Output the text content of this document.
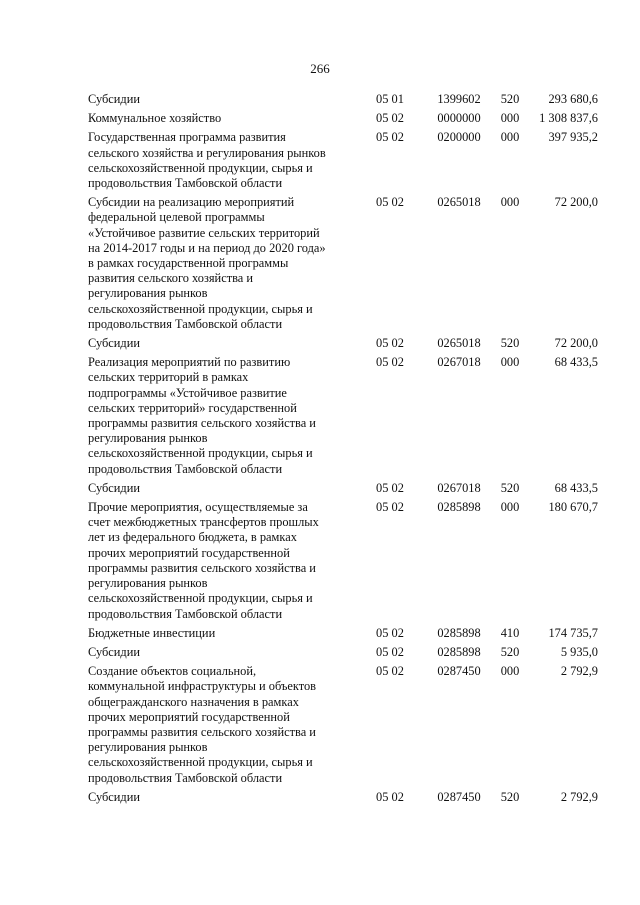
266
Субсидии	05 01	1399602	520	293 680,6
Коммунальное хозяйство	05 02	0000000	000	1 308 837,6
Государственная программа развития
сельского хозяйства и регулирования рынков
сельскохозяйственной продукции, сырья и
продовольствия Тамбовской области
05 02	0200000	000	397 935,2
Субсидии на реализацию мероприятий
федеральной целевой программы
«Устойчивое развитие сельских территорий
на 2014-2017 годы и на период до 2020 года»
в рамках государственной программы
развития сельского хозяйства и
регулирования рынков
сельскохозяйственной продукции, сырья и
продовольствия Тамбовской области
05 02	0265018	000	72 200,0
Субсидии	05 02	0265018	520	72 200,0
Реализация мероприятий по развитию
сельских территорий в рамках
подпрограммы «Устойчивое развитие
сельских территорий» государственной
программы развития сельского хозяйства и
регулирования рынков
сельскохозяйственной продукции, сырья и
продовольствия Тамбовской области
05 02	0267018	000	68 433,5
Субсидии	05 02	0267018	520	68 433,5
Прочие мероприятия, осуществляемые за
счет межбюджетных трансфертов прошлых
лет из федерального бюджета, в рамках
прочих мероприятий государственной
программы развития сельского хозяйства и
регулирования рынков
сельскохозяйственной продукции, сырья и
продовольствия Тамбовской области
05 02	0285898	000	180 670,7
Бюджетные инвестиции	05 02	0285898	410	174 735,7
Субсидии	05 02	0285898	520	5 935,0
Создание объектов социальной,
коммунальной инфраструктуры и объектов
общегражданского назначения в рамках
прочих мероприятий государственной
программы развития сельского хозяйства и
регулирования рынков
сельскохозяйственной продукции, сырья и
продовольствия Тамбовской области
05 02	0287450	000	2 792,9
Субсидии	05 02	0287450	520	2 792,9
